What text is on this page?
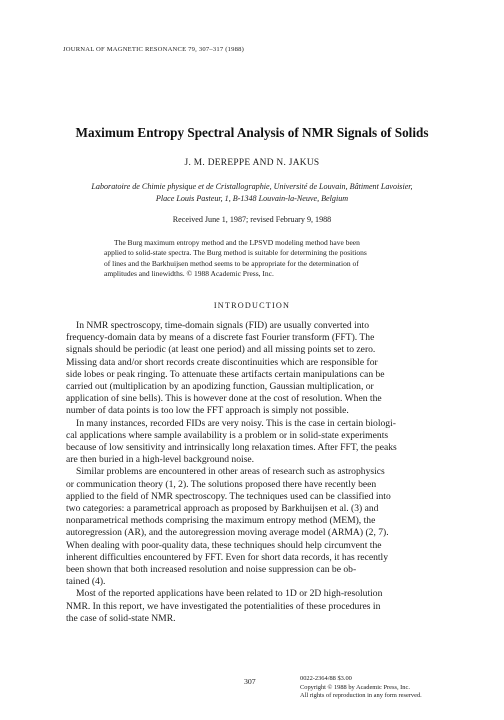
JOURNAL OF MAGNETIC RESONANCE 79, 307–317 (1988)
Maximum Entropy Spectral Analysis of NMR Signals of Solids
J. M. DEREPPE AND N. JAKUS
Laboratoire de Chimie physique et de Cristallographie, Université de Louvain, Bâtiment Lavoisier,
Place Louis Pasteur, 1, B-1348 Louvain-la-Neuve, Belgium
Received June 1, 1987; revised February 9, 1988
The Burg maximum entropy method and the LPSVD modeling method have been
applied to solid-state spectra. The Burg method is suitable for determining the positions
of lines and the Barkhuijsen method seems to be appropriate for the determination of
amplitudes and linewidths. © 1988 Academic Press, Inc.
INTRODUCTION
In NMR spectroscopy, time-domain signals (FID) are usually converted into
frequency-domain data by means of a discrete fast Fourier transform (FFT). The
signals should be periodic (at least one period) and all missing points set to zero.
Missing data and/or short records create discontinuities which are responsible for
side lobes or peak ringing. To attenuate these artifacts certain manipulations can be
carried out (multiplication by an apodizing function, Gaussian multiplication, or
application of sine bells). This is however done at the cost of resolution. When the
number of data points is too low the FFT approach is simply not possible.
In many instances, recorded FIDs are very noisy. This is the case in certain biologi-
cal applications where sample availability is a problem or in solid-state experiments
because of low sensitivity and intrinsically long relaxation times. After FFT, the peaks
are then buried in a high-level background noise.
Similar problems are encountered in other areas of research such as astrophysics
or communication theory (1, 2). The solutions proposed there have recently been
applied to the field of NMR spectroscopy. The techniques used can be classified into
two categories: a parametrical approach as proposed by Barkhuijsen et al. (3) and
nonparametrical methods comprising the maximum entropy method (MEM), the
autoregression (AR), and the autoregression moving average model (ARMA) (2, 7).
When dealing with poor-quality data, these techniques should help circumvent the
inherent difficulties encountered by FFT. Even for short data records, it has recently
been shown that both increased resolution and noise suppression can be ob-
tained (4).
Most of the reported applications have been related to 1D or 2D high-resolution
NMR. In this report, we have investigated the potentialities of these procedures in
the case of solid-state NMR.
307	0022-2364/88 $3.00
Copyright © 1988 by Academic Press, Inc.
All rights of reproduction in any form reserved.
